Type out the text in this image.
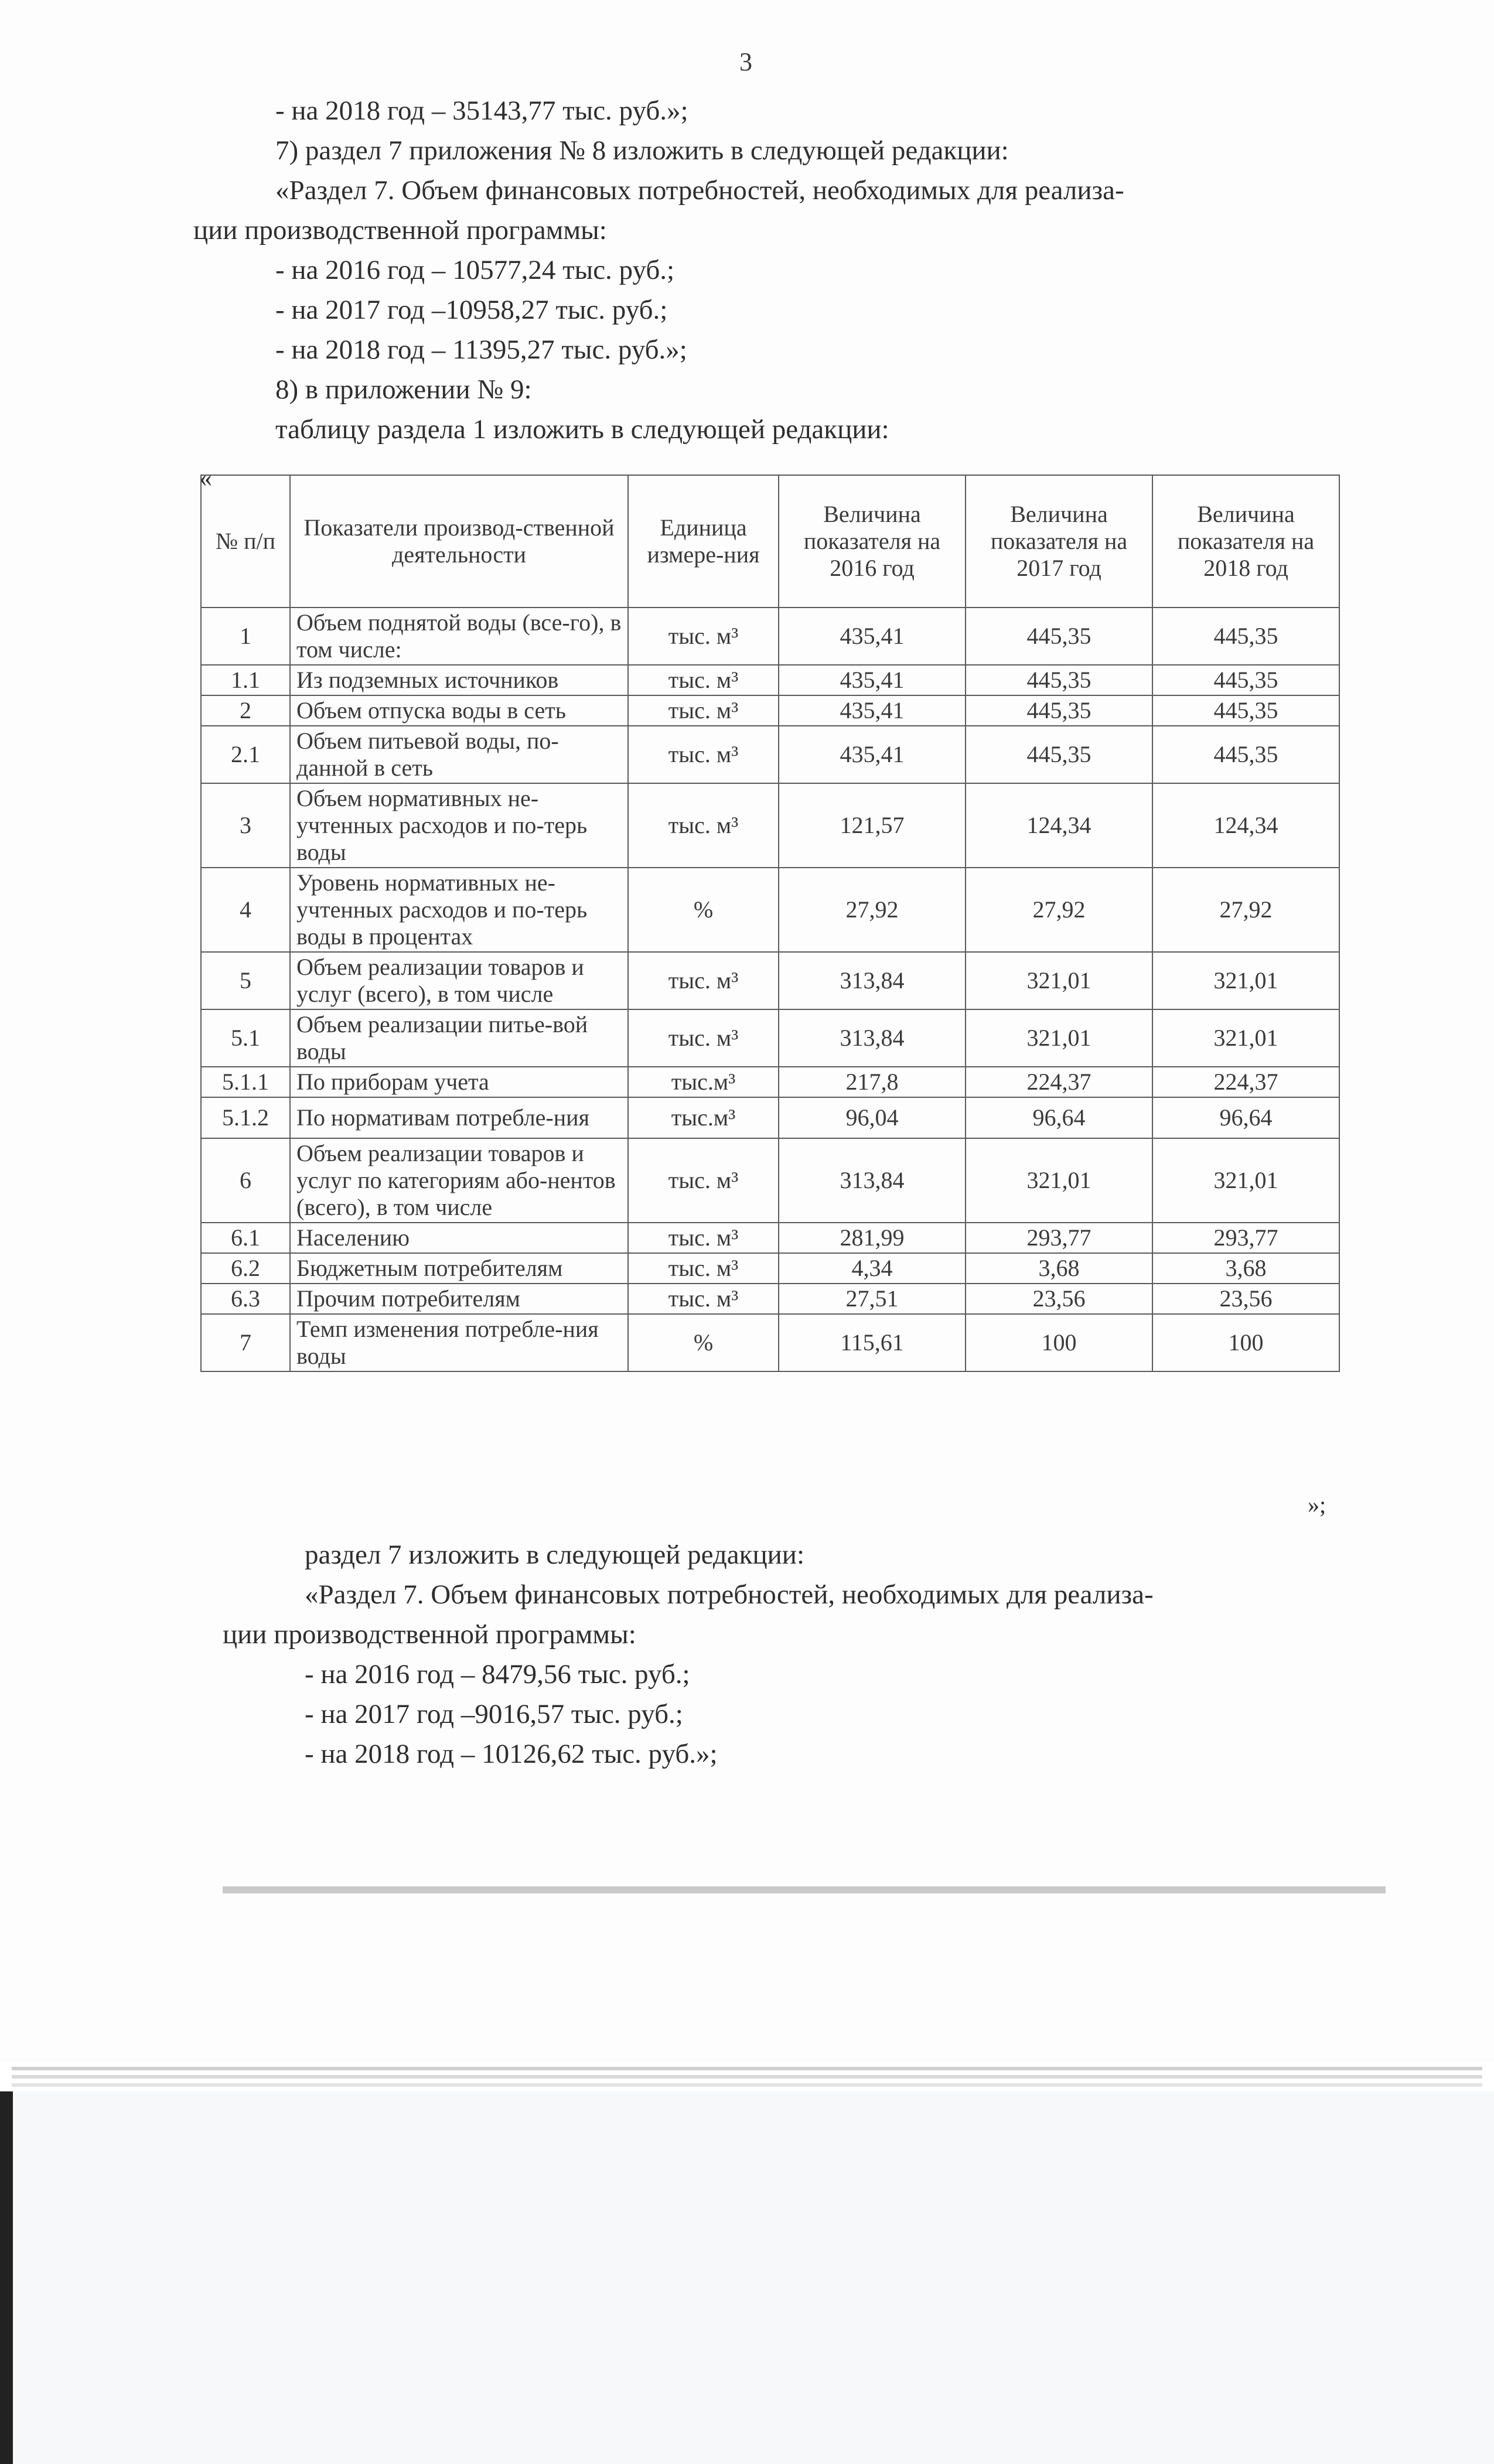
3

- на 2018 год – 35143,77 тыс. руб.»;

7) раздел 7 приложения № 8 изложить в следующей редакции:

«Раздел 7. Объем финансовых потребностей, необходимых для реализа-

ции производственной программы:

- на 2016 год – 10577,24 тыс. руб.;

- на 2017 год –10958,27 тыс. руб.;

- на 2018 год – 11395,27 тыс. руб.»;

8) в приложении № 9:

таблицу раздела 1 изложить в следующей редакции:

«
№ п/п	Показатели производ-ственной деятельности	Единица измере-ния	Величина показателя на 2016 год	Величина показателя на 2017 год	Величина показателя на 2018 год
1	Объем поднятой воды (все-го), в том числе:	тыс. м³	435,41	445,35	445,35
1.1	Из подземных источников	тыс. м³	435,41	445,35	445,35
2	Объем отпуска воды в сеть	тыс. м³	435,41	445,35	445,35
2.1	Объем питьевой воды, по-данной в сеть	тыс. м³	435,41	445,35	445,35
3	Объем нормативных не-учтенных расходов и по-терь воды	тыс. м³	121,57	124,34	124,34
4	Уровень нормативных не-учтенных расходов и по-терь воды в процентах	%	27,92	27,92	27,92
5	Объем реализации товаров и услуг (всего), в том числе	тыс. м³	313,84	321,01	321,01
5.1	Объем реализации питье-вой воды	тыс. м³	313,84	321,01	321,01
5.1.1	По приборам учета	тыс.м³	217,8	224,37	224,37
5.1.2	По нормативам потребле-ния	тыс.м³	96,04	96,64	96,64
6	Объем реализации товаров и услуг по категориям або-нентов (всего), в том числе	тыс. м³	313,84	321,01	321,01
6.1	Населению	тыс. м³	281,99	293,77	293,77
6.2	Бюджетным потребителям	тыс. м³	4,34	3,68	3,68
6.3	Прочим потребителям	тыс. м³	27,51	23,56	23,56
7	Темп изменения потребле-ния воды	%	115,61	100	100
»;

раздел 7 изложить в следующей редакции:

«Раздел 7. Объем финансовых потребностей, необходимых для реализа-

ции производственной программы:

- на 2016 год – 8479,56 тыс. руб.;

- на 2017 год –9016,57 тыс. руб.;

- на 2018 год – 10126,62 тыс. руб.»;
